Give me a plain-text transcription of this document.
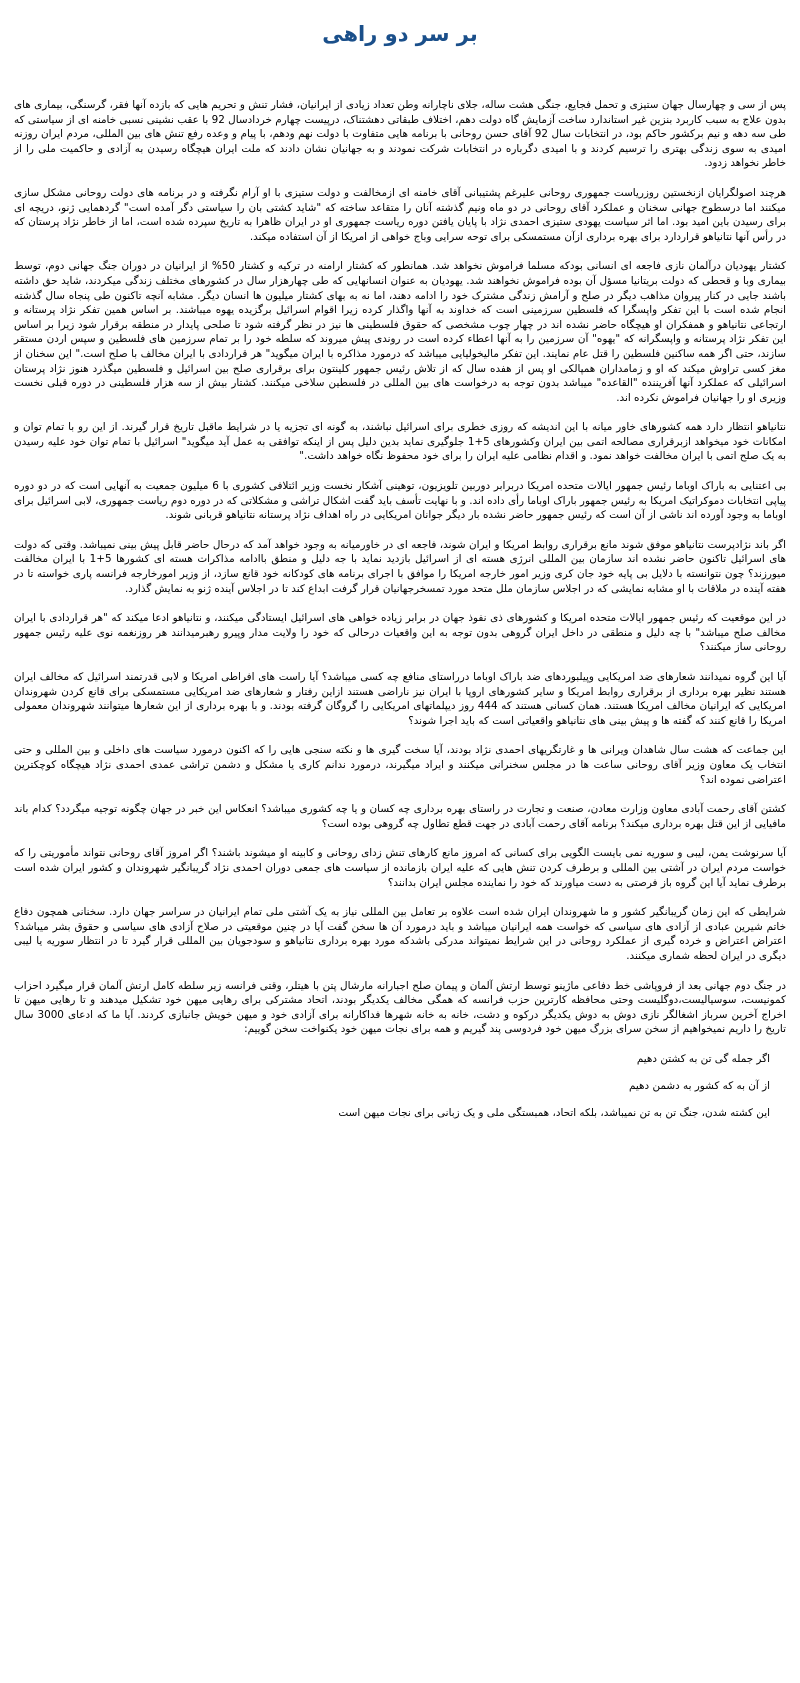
بر سر دو راهی

پس از سی و چهارسال جهان ستیزی و تحمل فجایع، جنگی هشت ساله، جلای ناچارانه وطن تعداد زیادی از ایرانیان، فشار تنش و تحریم هایی که بازده آنها فقر، گرسنگی، بیماری های بدون علاج به سبب کاربرد بنزین غیر استاندارد ساخت آزمایش گاه دولت دهم، اختلاف طبقاتی دهشتناک، درپیست چهارم خردادسال 92 با عقب نشینی نسبی خامنه ای از سیاستی که طی سه دهه و نیم برکشور حاکم بود، در انتخابات سال 92 آقای حسن روحانی با برنامه هایی متفاوت با دولت نهم ودهم، با پیام و وعده رفع تنش های بین المللی، مردم ایران روزنه امیدی به سوی زندگی بهتری را ترسیم کردند و با امیدی دگرباره در انتخابات شرکت نمودند و به جهانیان نشان دادند که ملت ایران هیچگاه رسیدن به آزادی و حاکمیت ملی را از خاطر نخواهد زدود.

هرچند اصولگرایان ازنخستین روزریاست جمهوری روحانی علیرغم پشتیبانی آقای خامنه ای ازمخالفت و دولت ستیزی با او آرام نگرفته و در برنامه های دولت روحانی مشکل سازی میکنند اما درسطوح جهانی سخنان و عملکرد آقای روحانی در دو ماه ونیم گذشته آنان را متقاعد ساخته که "شاید کشتی بان را سیاستی دگر آمده است" گردهمایی ژنو، دریچه ای برای رسیدن باین امید بود. اما اثر سیاست یهودی ستیزی احمدی نژاد با پایان یافتن دوره ریاست جمهوری او در ایران ظاهرا به تاریخ سپرده شده است، اما از خاطر نژاد پرستان که در رأس آنها نتانیاهو قراردارد برای بهره برداری ازآن مستمسکی برای توحه سرایی وباج خواهی از امریکا از آن استفاده میکند.

کشتار یهودیان درآلمان نازی فاجعه ای انسانی بودکه مسلما فراموش نخواهد شد. همانطور که کشتار ارامنه در ترکیه و کشتار 50% از ایرانیان در دوران جنگ جهانی دوم، توسط بیماری وبا و قحطی که دولت بریتانیا مسؤل آن بوده فراموش نخواهند شد. یهودیان به عنوان انسانهایی که طی چهارهزار سال در کشورهای مختلف زندگی میکردند، شاید حق داشته باشند جایی در کنار پیروان مذاهب دیگر در صلح و آرامش زندگی مشترک خود را ادامه دهند، اما نه به بهای کشتار میلیون ها انسان دیگر. مشابه آنچه تاکنون طی پنجاه سال گذشته انجام شده است با این تفکر واپسگرا که فلسطین سرزمینی است که خداوند به آنها واگذار کرده زیرا اقوام اسرائیل برگزیده یهوه میباشند. بر اساس همین تفکر نژاد پرستانه و ارتجاعی نتانیاهو و همفکران او هیچگاه حاضر نشده اند در چهار چوب مشخصی که حقوق فلسطینی ها نیز در نظر گرفته شود تا صلحی پایدار در منطقه برقرار شود زیرا بر اساس این تفکر نژاد پرستانه و واپسگرانه که "یهوه" آن سرزمین را به آنها اعطاء کرده است در روندی پیش میروند که سلطه خود را بر تمام سرزمین های فلسطین و سپس اردن مستقر سازند، حتی اگر همه ساکنین فلسطین را قتل عام نمایند. این تفکر مالیخولیایی میباشد که درمورد مذاکره با ایران میگوید" هر قراردادی با ایران مخالف با صلح است." این سخنان از مغز کسی تراوش میکند که او و زمامداران همپالکی او پس از هفده سال که از تلاش رئیس جمهور کلینتون برای برقراری صلح بین اسرائیل و فلسطین میگذرد هنوز نژاد پرستان اسرائیلی که عملکرد آنها آفریننده "القاعده" میباشد بدون توجه به درخواست های بین المللی در فلسطین سلاخی میکنند. کشتار بیش از سه هزار فلسطینی در دوره قبلی نخست وزیری او را جهانیان فراموش نکرده اند.

نتانیاهو انتظار دارد همه کشورهای خاور میانه با این اندیشه که روزی خطری برای اسرائیل نباشند، به گونه ای تجزیه یا در شرایط ماقبل تاریخ قرار گیرند. از این رو با تمام توان و امکانات خود میخواهد ازبرقراری مصالحه اتمی بین ایران وکشورهای 5+1 جلوگیری نماید بدین دلیل پس از اینکه توافقی به عمل آید میگوید" اسرائیل با تمام توان خود علیه رسیدن به یک صلح اتمی با ایران مخالفت خواهد نمود. و اقدام نظامی علیه ایران را برای خود محفوظ نگاه خواهد داشت."

بی اعتنایی به باراک اوباما رئیس جمهور ایالات متحده امریکا دربرابر دوربین تلویزیون، توهینی آشکار نخست وزیر ائتلافی کشوری با 6 میلیون جمعیت به آنهایی است که در دو دوره پیاپی انتخابات دموکراتیک امریکا به رئیس جمهور باراک اوباما رأی داده اند. و با نهایت تأسف باید گفت اشکال تراشی و مشکلاتی که در دوره دوم ریاست جمهوری، لابی اسرائیل برای اوباما به وجود آورده اند ناشی از آن است که رئیس جمهور حاضر نشده بار دیگر جوانان امریکایی در راه اهداف نژاد پرستانه نتانیاهو قربانی شوند.

اگر باند نژادپرست نتانیاهو موفق شوند مانع برقراری روابط امریکا و ایران شوند، فاجعه ای در خاورمیانه به وجود خواهد آمد که درحال حاضر قابل پیش بینی نمیباشد. وقتی که دولت های اسرائیل تاکنون حاضر نشده اند سازمان بین المللی انرژی هسته ای از اسرائیل بازدید نماید با جه دلیل و منطق باادامه مذاکرات هسته ای کشورها 5+1 با ایران مخالفت میورزند؟ چون نتوانسته با دلایل بی پایه خود جان کری وزیر امور خارجه امریکا را موافق با اجرای برنامه های کودکانه خود قانع سازد، از وزیر امورخارجه فرانسه پاری خواسته تا در هفته آینده در ملاقات با او مشابه نمایشی که در اجلاس سازمان ملل متحد مورد تمسخرجهانیان قرار گرفت ابداع کند تا در اجلاس آینده ژنو به نمایش گذارد.

در این موقعیت که رئیس جمهور ایالات متحده امریکا و کشورهای ذی نفوذ جهان در برابر زیاده خواهی های اسرائیل ایستادگی میکنند، و نتانیاهو ادعا میکند که "هر قراردادی با ایران مخالف صلح میباشد" با چه دلیل و منطقی در داخل ایران گروهی بدون توجه به این واقعیات درحالی که خود را ولایت مدار وپیرو رهبرمیدانند هر روزنغمه نوی علیه رئیس جمهور روحانی ساز میکنند؟

آیا این گروه نمیدانند شعارهای ضد امریکایی وپیلبوردهای ضد باراک اوباما درراستای منافع چه کسی میباشد؟ آیا راست های افراطی امریکا و لابی قدرتمند اسرائیل که مخالف ایران هستند نظیر بهره برداری از برقراری روابط امریکا و سایر کشورهای اروپا با ایران نیز ناراضی هستند ازاین رفتار و شعارهای ضد امریکایی مستمسکی برای قانع کردن شهروندان امریکایی که ایرانیان مخالف امریکا هستند. همان کسانی هستند که 444 روز دیپلماتهای امریکایی را گروگان گرفته بودند. و با بهره برداری از این شعارها میتوانند شهروندان معمولی امریکا را قانع کنند که گفته ها و پیش بینی های نتانیاهو واقعیاتی است که باید اجرا شوند؟

این جماعت که هشت سال شاهدان ویرانی ها و غارتگریهای احمدی نژاد بودند، آیا سخت گیری ها و نکته سنجی هایی را که اکنون درمورد سیاست های داخلی و بین المللی و حتی انتخاب یک معاون وزیر آقای روحانی ساعت ها در مجلس سخنرانی میکنند و ایراد میگیرند، درمورد ندانم کاری یا مشکل و دشمن تراشی عمدی احمدی نژاد هیچگاه کوچکترین اعتراضی نموده اند؟

کشتن آقای رحمت آبادی معاون وزارت معادن، صنعت و تجارت در راستای بهره برداری چه کسان و یا چه کشوری میباشد؟ انعکاس این خبر در جهان چگونه توجیه میگردد؟ کدام باند مافیایی از این قتل بهره برداری میکند؟ برنامه آقای رحمت آبادی در جهت قطع تطاول چه گروهی بوده است؟

آیا سرنوشت یمن، لیبی و سوریه نمی بایست الگویی برای کسانی که امروز مانع کارهای تنش زدای روحانی و کابینه او میشوند باشند؟ اگر امروز آقای روحانی نتواند مأموریتی را که خواست مردم ایران در آشتی بین المللی و برطرف کردن تنش هایی که علیه ایران بازمانده از سیاست های جمعی دوران احمدی نژاد گریبانگیر شهروندان و کشور ایران شده است برطرف نماید آیا این گروه باز فرصتی به دست میاورند که خود را نماینده مجلس ایران بدانند؟

شرایطی که این زمان گریبانگیر کشور و ما شهروندان ایران شده است علاوه بر تعامل بین المللی نیاز به یک آشتی ملی تمام ایرانیان در سراسر جهان دارد. سخنانی همچون دفاع خاتم شیرین عبادی از آزادی های سیاسی که خواست همه ایرانیان میباشد و باید درمورد آن ها سخن گفت آیا در چنین موقعیتی در صلاح آزادی های سیاسی و حقوق بشر میباشد؟ اعتراض اعتراض و خرده گیری از عملکرد روحانی در این شرایط نمیتواند مدرکی باشدکه مورد بهره برداری نتانیاهو و سودجویان بین المللی قرار گیرد تا در انتظار سوریه یا لیبی دیگری در ایران لحظه شماری میکنند.

در جنگ دوم جهانی بعد از فروپاشی خط دفاعی ماژینو توسط ارتش آلمان و پیمان صلح اجبارانه مارشال پتن با هیتلر، وقتی فرانسه زیر سلطه کامل ارتش آلمان قرار میگیرد احزاب کمونیست، سوسیالیست،دوگلیست وحتی محافظه کارترین حزب فرانسه که همگی مخالف یکدیگر بودند، اتحاد مشترکی برای رهایی میهن خود تشکیل میدهند و تا رهایی میهن تا اخراج آخرین سرباز اشغالگر نازی دوش به دوش یکدیگر درکوه و دشت، خانه به خانه شهرها فداکارانه برای آزادی خود و میهن خویش جانبازی کردند. آیا ما که ادعای 3000 سال تاریخ را داریم نمیخواهیم از سخن سرای بزرگ میهن خود فردوسی پند گیریم و همه برای نجات میهن خود یکنواخت سخن گوییم:

اگر جمله گی تن به کشتن دهیم

از آن به که کشور به دشمن دهیم

این کشته شدن، جنگ تن به تن نمیباشد، بلکه اتحاد، همبستگی ملی و یک زبانی برای نجات میهن است
